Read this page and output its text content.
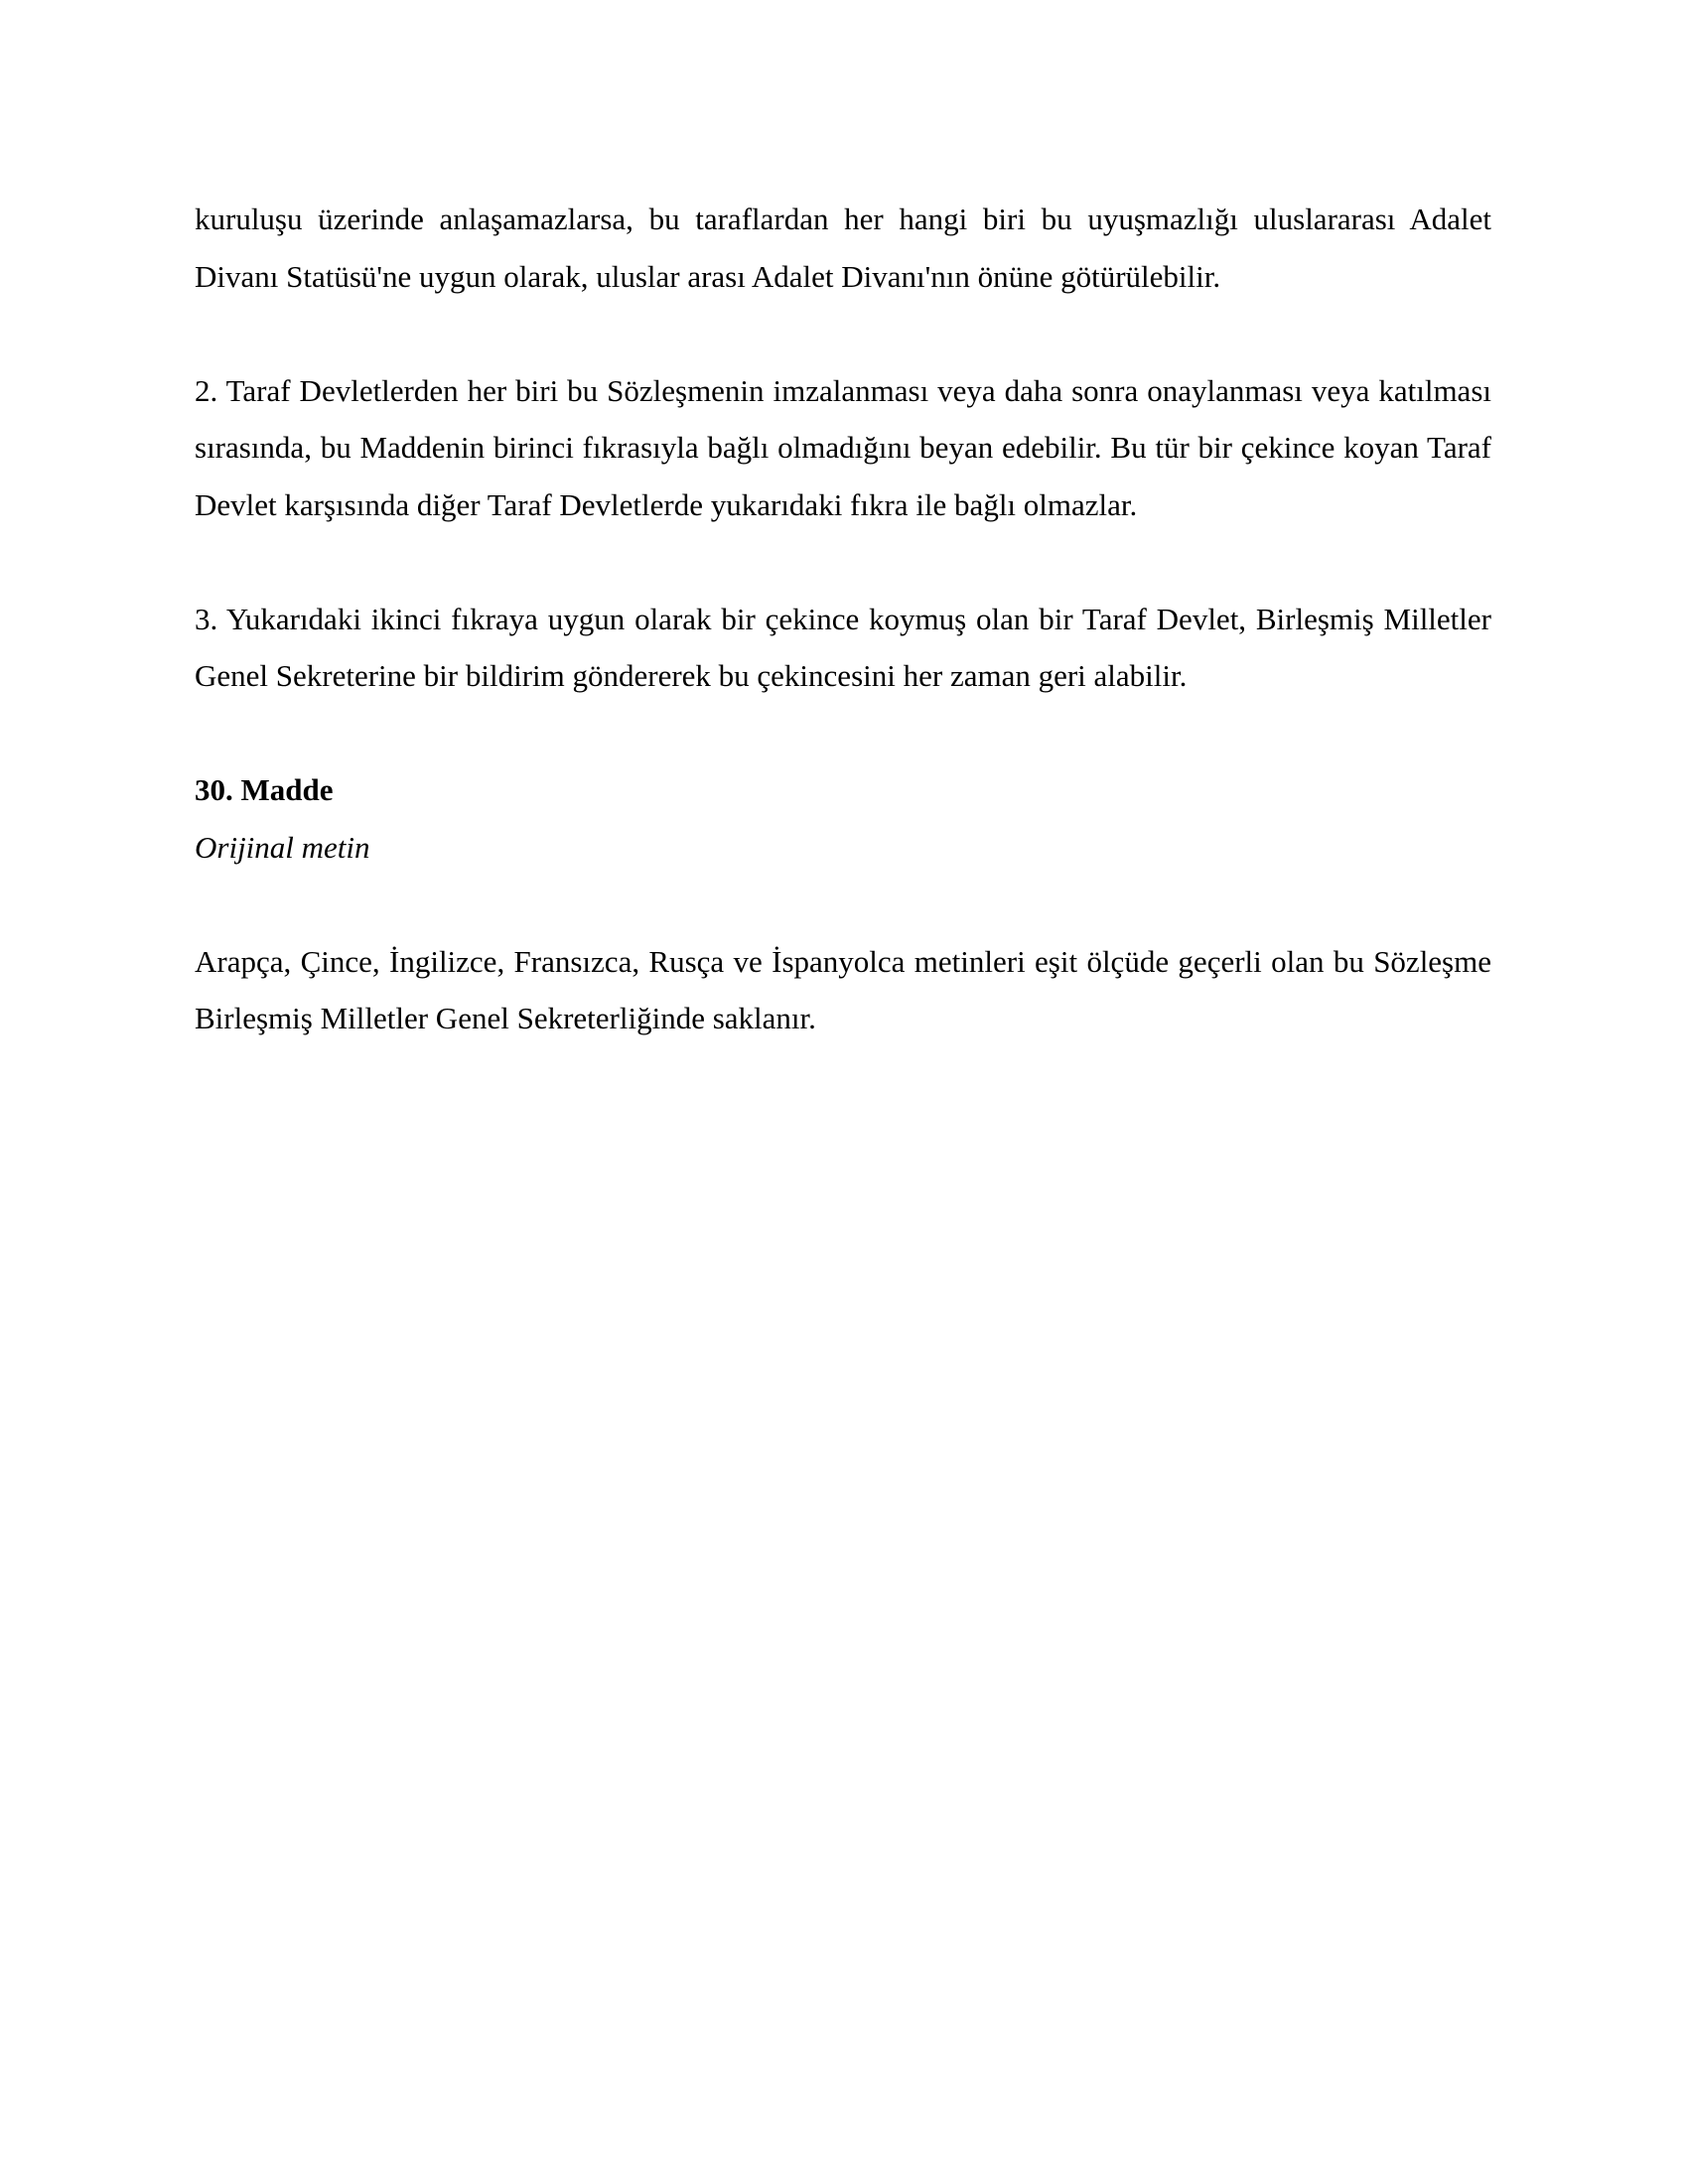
kuruluşu üzerinde anlaşamazlarsa, bu taraflardan her hangi biri bu uyuşmazlığı uluslararası Adalet Divanı Statüsü'ne uygun olarak, uluslar arası Adalet Divanı'nın önüne götürülebilir.

2. Taraf Devletlerden her biri bu Sözleşmenin imzalanması veya daha sonra onaylanması veya katılması sırasında, bu Maddenin birinci fıkrasıyla bağlı olmadığını beyan edebilir. Bu tür bir çekince koyan Taraf Devlet karşısında diğer Taraf Devletlerde yukarıdaki fıkra ile bağlı olmazlar.

3. Yukarıdaki ikinci fıkraya uygun olarak bir çekince koymuş olan bir Taraf Devlet, Birleşmiş Milletler Genel Sekreterine bir bildirim göndererek bu çekincesini her zaman geri alabilir.

30. Madde

Orijinal metin

Arapça, Çince, İngilizce, Fransızca, Rusça ve İspanyolca metinleri eşit ölçüde geçerli olan bu Sözleşme Birleşmiş Milletler Genel Sekreterliğinde saklanır.
